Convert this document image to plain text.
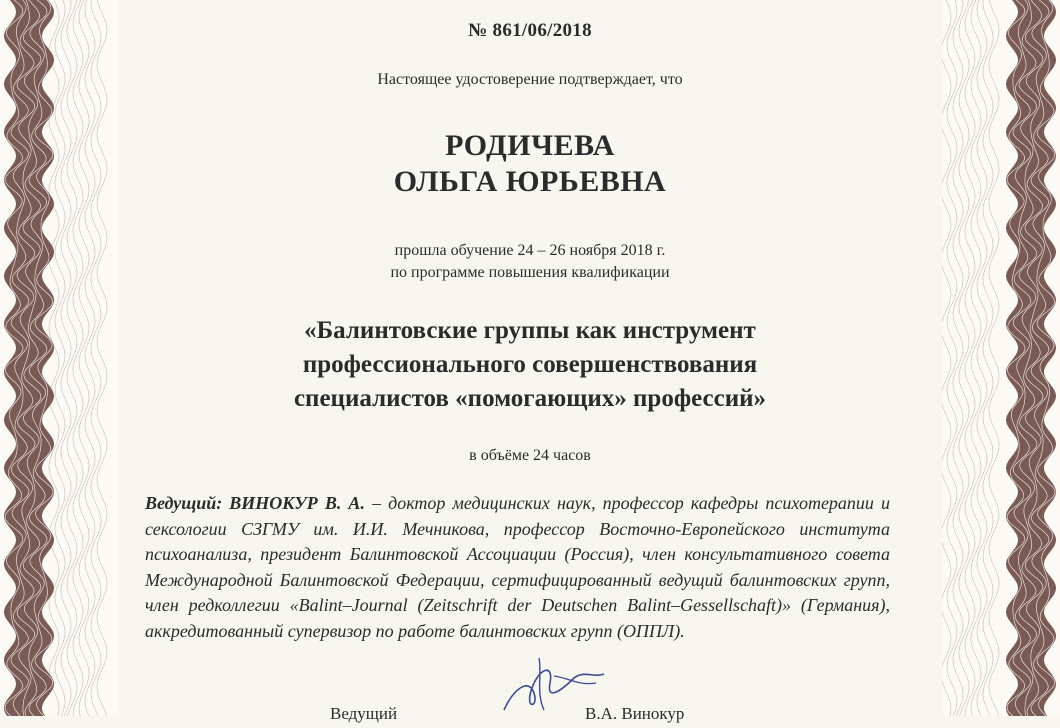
№ 861/06/2018
Настоящее удостоверение подтверждает, что
РОДИЧЕВА
ОЛЬГА ЮРЬЕВНА
прошла обучение 24 – 26 ноября 2018 г.
по программе повышения квалификации
«Балинтовские группы как инструмент
профессионального совершенствования
специалистов «помогающих» профессий»
в объёме 24 часов
Ведущий: ВИНОКУР В. А. – доктор медицинских наук, профессор кафедры психотерапии и сексологии СЗГМУ им. И.И. Мечникова, профессор Восточно-Европейского института психоанализа, президент Балинтовской Ассоциации (Россия), член консультативного совета Международной Балинтовской Федерации, сертифицированный ведущий балинтовских групп, член редколлегии «Balint–Journal (Zeitschrift der Deutschen Balint–Gessellschaft)» (Германия), аккредитованный супервизор по работе балинтовских групп (ОППЛ).
Ведущий	В.А. Винокур
